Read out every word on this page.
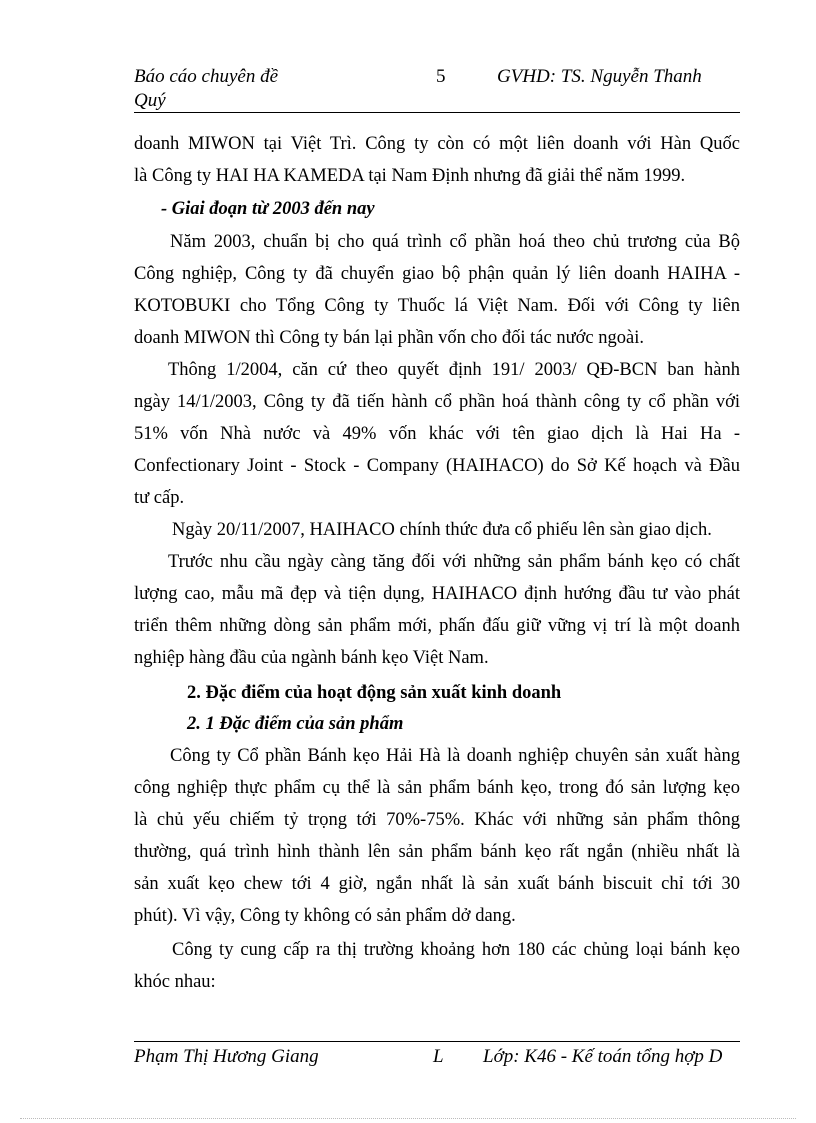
Báo cáo chuyên đề
Quý
5	GVHD: TS. Nguyễn Thanh
doanh MIWON tại Việt Trì. Công ty còn có một liên doanh với Hàn Quốc
là Công ty HAI HA KAMEDA tại Nam Định nhưng đã giải thể năm 1999.
- Giai đoạn từ 2003 đến nay
Năm 2003, chuẩn bị cho quá trình cổ phần hoá theo chủ trương của Bộ
Công nghiệp, Công ty đã chuyển giao bộ phận quản lý liên doanh HAIHA -
KOTOBUKI cho Tổng Công ty Thuốc lá Việt Nam. Đối với Công ty liên
doanh MIWON thì Công ty bán lại phần vốn cho đối tác nước ngoài.
Thông 1/2004, căn cứ theo quyết định 191/ 2003/ QĐ-BCN ban hành
ngày 14/1/2003, Công ty đã tiến hành cổ phần hoá thành công ty cổ phần với
51% vốn Nhà nước và 49% vốn khác với tên giao dịch là Hai Ha -
Confectionary Joint - Stock - Company (HAIHACO) do Sở Kế hoạch và Đầu
tư cấp.
Ngày 20/11/2007, HAIHACO chính thức đưa cổ phiếu lên sàn giao dịch.
Trước nhu cầu ngày càng tăng đối với những sản phẩm bánh kẹo có chất
lượng cao, mẫu mã đẹp và tiện dụng, HAIHACO định hướng đầu tư vào phát
triển thêm những dòng sản phẩm mới, phấn đấu giữ vững vị trí là một doanh
nghiệp hàng đầu của ngành bánh kẹo Việt Nam.
2. Đặc điểm của hoạt động sản xuất kinh doanh
2. 1 Đặc điểm của sản phẩm
Công ty Cổ phần Bánh kẹo Hải Hà là doanh nghiệp chuyên sản xuất hàng
công nghiệp thực phẩm cụ thể là sản phẩm bánh kẹo, trong đó sản lượng kẹo
là chủ yếu chiếm tỷ trọng tới 70%-75%. Khác với những sản phẩm thông
thường, quá trình hình thành lên sản phẩm bánh kẹo rất ngắn (nhiều nhất là
sản xuất kẹo chew tới 4 giờ, ngắn nhất là sản xuất bánh biscuit chỉ tới 30
phút). Vì vậy, Công ty không có sản phẩm dở dang.
Công ty cung cấp ra thị trường khoảng hơn 180 các chủng loại bánh kẹo
khóc nhau:
Phạm Thị Hương Giang	L Lớp: K46 - Kế toán tổng hợp D
